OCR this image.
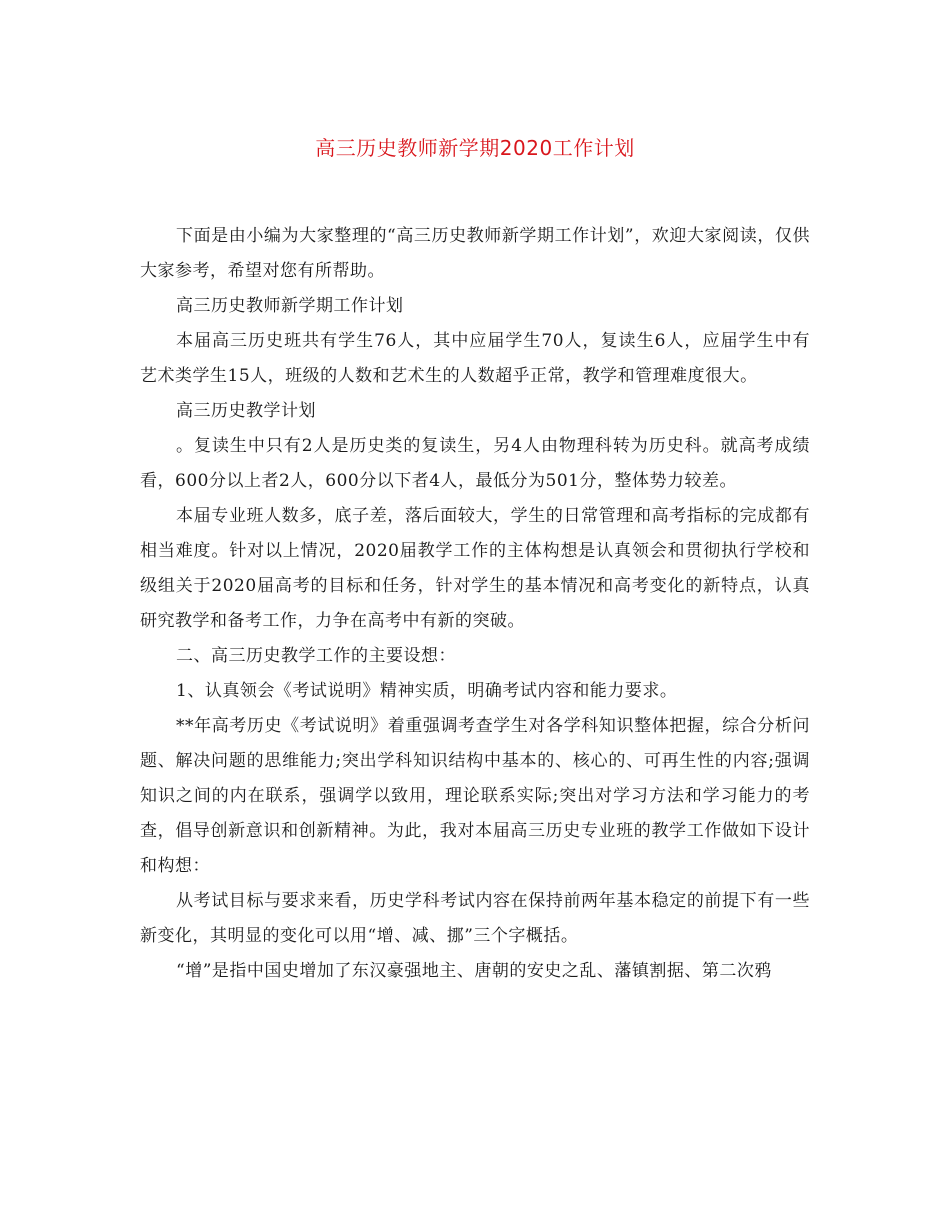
高三历史教师新学期2020工作计划

下面是由小编为大家整理的“高三历史教师新学期工作计划”，欢迎大家阅读，仅供大家参考，希望对您有所帮助。

高三历史教师新学期工作计划

本届高三历史班共有学生76人，其中应届学生70人，复读生6人，应届学生中有艺术类学生15人，班级的人数和艺术生的人数超乎正常，教学和管理难度很大。

高三历史教学计划

。复读生中只有2人是历史类的复读生，另4人由物理科转为历史科。就高考成绩看，600分以上者2人，600分以下者4人，最低分为501分，整体势力较差。

本届专业班人数多，底子差，落后面较大，学生的日常管理和高考指标的完成都有相当难度。针对以上情况，2020届教学工作的主体构想是认真领会和贯彻执行学校和级组关于2020届高考的目标和任务，针对学生的基本情况和高考变化的新特点，认真　研究教学和备考工作，力争在高考中有新的突破。

二、高三历史教学工作的主要设想：

1、认真领会《考试说明》精神实质，明确考试内容和能力要求。

**年高考历史《考试说明》着重强调考查学生对各学科知识整体把握，综合分析问题、解决问题的思维能力;突出学科知识结构中基本的、核心的、可再生性的内容;强调知识之间的内在联系，强调学以致用，理论联系实际;突出对学习方法和学习能力的考查，倡导创新意识和创新精神。为此，我对本届高三历史专业班的教学工作做如下设计和构想：

从考试目标与要求来看，历史学科考试内容在保持前两年基本稳定的前提下有一些新变化，其明显的变化可以用“增、减、挪”三个字概括。

“增”是指中国史增加了东汉豪强地主、唐朝的安史之乱、藩镇割据、第二次鸦
